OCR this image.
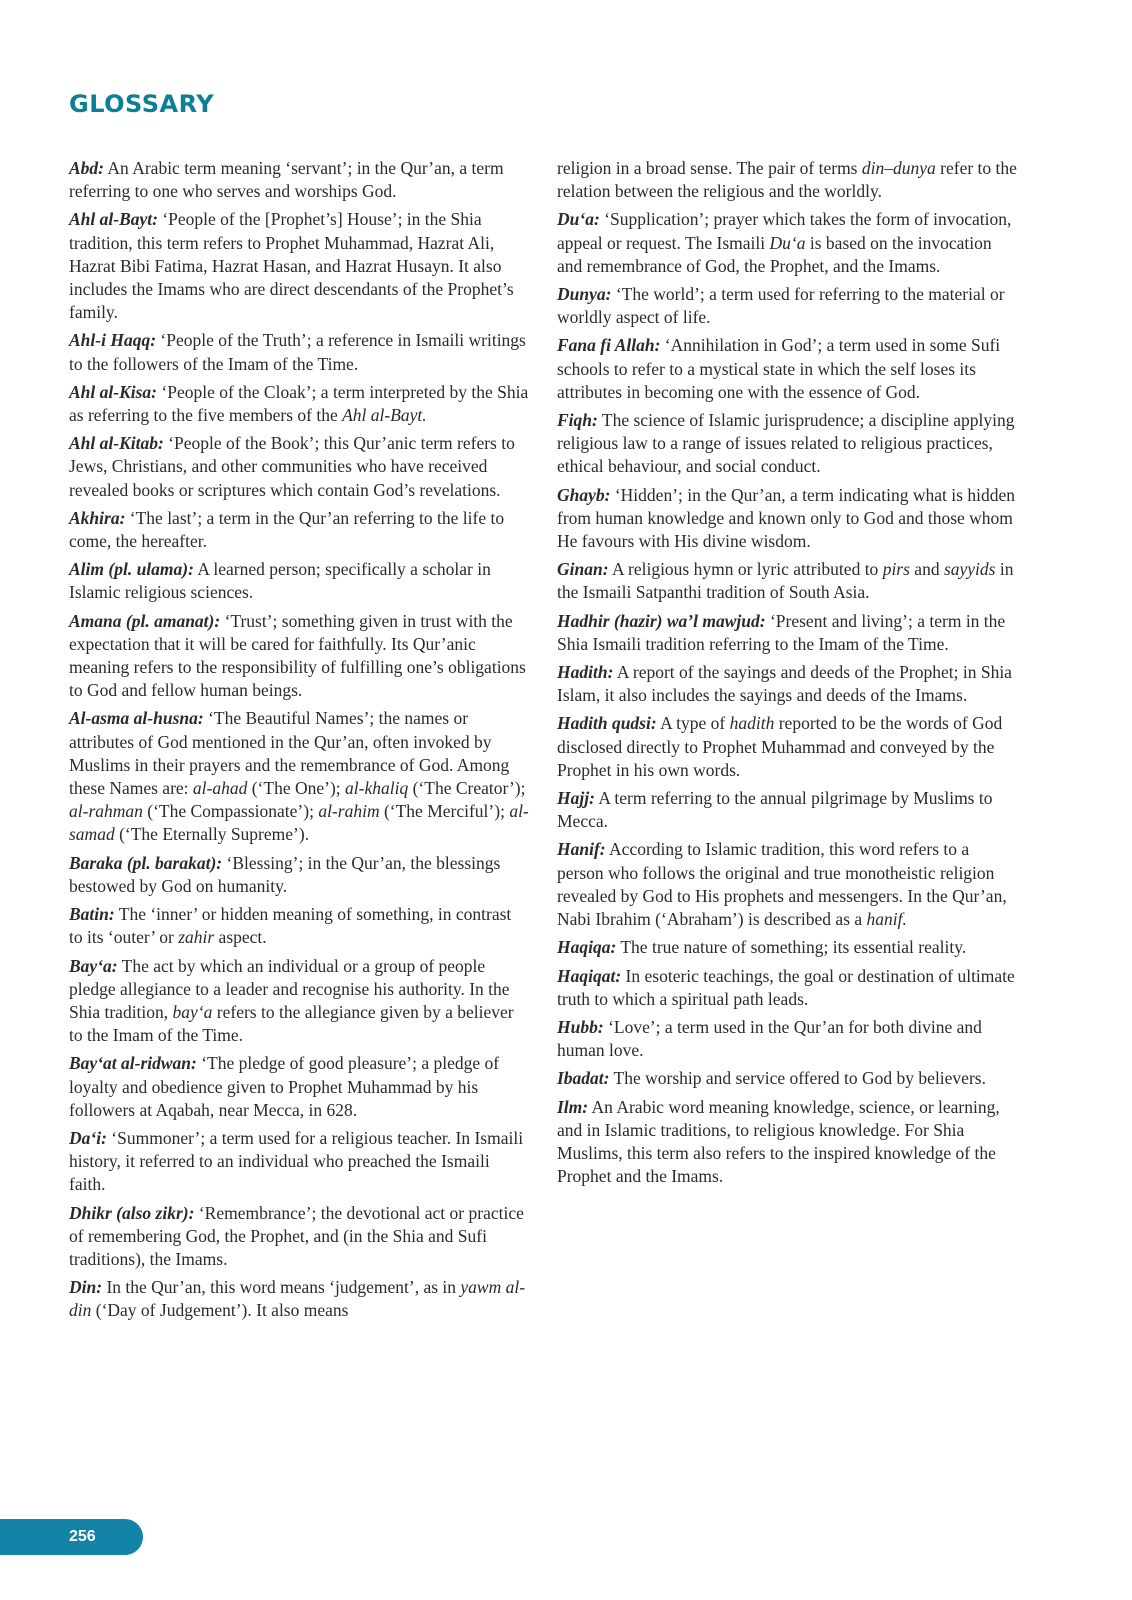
GLOSSARY

Abd: An Arabic term meaning ‘servant’; in the Qur’an, a term referring to one who serves and worships God.

Ahl al-Bayt: ‘People of the [Prophet’s] House’; in the Shia tradition, this term refers to Prophet Muhammad, Hazrat Ali, Hazrat Bibi Fatima, Hazrat Hasan, and Hazrat Husayn. It also includes the Imams who are direct descendants of the Prophet’s family.

Ahl-i Haqq: ‘People of the Truth’; a reference in Ismaili writings to the followers of the Imam of the Time.

Ahl al-Kisa: ‘People of the Cloak’; a term interpreted by the Shia as referring to the five members of the Ahl al-Bayt.

Ahl al-Kitab: ‘People of the Book’; this Qur’anic term refers to Jews, Christians, and other communities who have received revealed books or scriptures which contain God’s revelations.

Akhira: ‘The last’; a term in the Qur’an referring to the life to come, the hereafter.

Alim (pl. ulama): A learned person; specifically a scholar in Islamic religious sciences.

Amana (pl. amanat): ‘Trust’; something given in trust with the expectation that it will be cared for faithfully. Its Qur’anic meaning refers to the responsibility of fulfilling one’s obligations to God and fellow human beings.

Al-asma al-husna: ‘The Beautiful Names’; the names or attributes of God mentioned in the Qur’an, often invoked by Muslims in their prayers and the remembrance of God. Among these Names are: al-ahad (‘The One’); al-khaliq (‘The Creator’); al-rahman (‘The Compassionate’); al-rahim (‘The Merciful’); al-samad (‘The Eternally Supreme’).

Baraka (pl. barakat): ‘Blessing’; in the Qur’an, the blessings bestowed by God on humanity.

Batin: The ‘inner’ or hidden meaning of something, in contrast to its ‘outer’ or zahir aspect.

Bay‘a: The act by which an individual or a group of people pledge allegiance to a leader and recognise his authority. In the Shia tradition, bay‘a refers to the allegiance given by a believer to the Imam of the Time.

Bay‘at al-ridwan: ‘The pledge of good pleasure’; a pledge of loyalty and obedience given to Prophet Muhammad by his followers at Aqabah, near Mecca, in 628.

Da‘i: ‘Summoner’; a term used for a religious teacher. In Ismaili history, it referred to an individual who preached the Ismaili faith.

Dhikr (also zikr): ‘Remembrance’; the devotional act or practice of remembering God, the Prophet, and (in the Shia and Sufi traditions), the Imams.

Din: In the Qur’an, this word means ‘judgement’, as in yawm al-din (‘Day of Judgement’). It also means

religion in a broad sense. The pair of terms din–dunya refer to the relation between the religious and the worldly.

Du‘a: ‘Supplication’; prayer which takes the form of invocation, appeal or request. The Ismaili Du‘a is based on the invocation and remembrance of God, the Prophet, and the Imams.

Dunya: ‘The world’; a term used for referring to the material or worldly aspect of life.

Fana fi Allah: ‘Annihilation in God’; a term used in some Sufi schools to refer to a mystical state in which the self loses its attributes in becoming one with the essence of God.

Fiqh: The science of Islamic jurisprudence; a discipline applying religious law to a range of issues related to religious practices, ethical behaviour, and social conduct.

Ghayb: ‘Hidden’; in the Qur’an, a term indicating what is hidden from human knowledge and known only to God and those whom He favours with His divine wisdom.

Ginan: A religious hymn or lyric attributed to pirs and sayyids in the Ismaili Satpanthi tradition of South Asia.

Hadhir (hazir) wa’l mawjud: ‘Present and living’; a term in the Shia Ismaili tradition referring to the Imam of the Time.

Hadith: A report of the sayings and deeds of the Prophet; in Shia Islam, it also includes the sayings and deeds of the Imams.

Hadith qudsi: A type of hadith reported to be the words of God disclosed directly to Prophet Muhammad and conveyed by the Prophet in his own words.

Hajj: A term referring to the annual pilgrimage by Muslims to Mecca.

Hanif: According to Islamic tradition, this word refers to a person who follows the original and true monotheistic religion revealed by God to His prophets and messengers. In the Qur’an, Nabi Ibrahim (‘Abraham’) is described as a hanif.

Haqiqa: The true nature of something; its essential reality.

Haqiqat: In esoteric teachings, the goal or destination of ultimate truth to which a spiritual path leads.

Hubb: ‘Love’; a term used in the Qur’an for both divine and human love.

Ibadat: The worship and service offered to God by believers.

Ilm: An Arabic word meaning knowledge, science, or learning, and in Islamic traditions, to religious knowledge. For Shia Muslims, this term also refers to the inspired knowledge of the Prophet and the Imams.

256
